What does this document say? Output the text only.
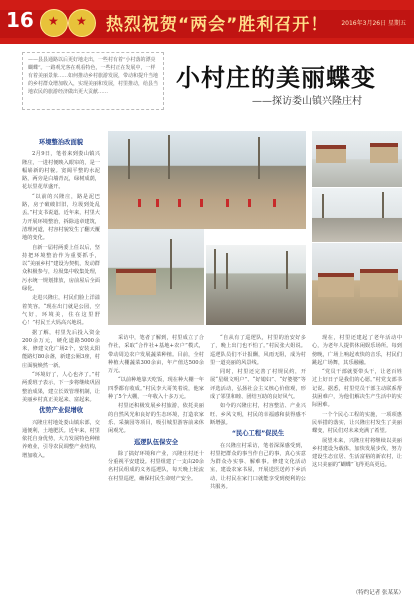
16 ★ ★	热烈祝贺“两会”胜利召开！ 2016年3月26日 星期五
——县县通路以后更好地走出，一些村有着“小村落的漂亮蝴蝶”。一路观光客在观看特色，一些村正在发展中，一样有着美丽景象……如何推动乡村旅游发展，带动和提升当地的乡村群众增加收入，实现美丽和发展，村里推动，给县当地农民的旅游经济做出更大贡献……	小村庄的美丽蝶变
——探访娄山镇兴隆庄村
环境整治改面貌

2月9日，笔者来到娄山镇兴隆庄，一进村便映入眼帘的，是一幅崭新的村貌。宽阔平整的水泥路，两旁是白墙青瓦，绿树成荫，花坛里花草盛开。

“以前的兴隆庄，路是泥巴路，房子破破旧旧，垃圾到处乱丢。”村支书说道。近年来，村里大力开展环境整治，拆除违章建筑，清理河道，村容村貌发生了翻天覆地的变化。

自新一届村两委上任以后，坚持把环境整治作为重要抓手，以“美丽乡村”建设为契机，发动群众积极参与，垃圾集中收集处理，污水统一规划排放，房前屋后全面绿化。

走进兴隆庄，村民们脸上洋溢着笑容。“现在出门就是公园，空气好，环境美，住在这里舒心！”村民王大妈高兴地说。

据了解，村里先后投入资金200余万元，硬化道路5000余米，修建文化广场2个，安装太阳能路灯80余盏，新建公厕3座，村庄面貌焕然一新。

“环境好了，人心也齐了。”村两委班子表示，下一步将继续巩固整治成果，建立长效管理机制，让美丽乡村真正美起来、富起来。

优势产业促增收

兴隆庄村地处娄山镇东部，交通便利，土地肥沃。近年来，村里依托自身优势，大力发展特色种植养殖业，引导农民调整产业结构，增加收入。

采访中，笔者了解到，村里成立了合作社，采取“合作社+基地+农户”模式，带动周边农户发展蔬菜种植。目前，全村种植大棚蔬菜300余亩，年产值达500余万元。

“以前种地靠天吃饭，现在种大棚一年四季都有收成。”村民李大哥笑着说，他家种了5个大棚，一年收入十多万元。

村里还积极发展乡村旅游，依托美丽的自然风光和良好的生态环境，打造农家乐、采摘园等项目，吸引城里游客前来休闲观光。

巡逻队伍保安全

除了搞好环境和产业，兴隆庄村还十分重视平安建设。村里组建了一支由20余名村民组成的义务巡逻队，每天晚上轮流在村里巡逻，确保村民生命财产安全。

“自从有了巡逻队，村里的治安好多了，晚上出门也不怕了。”村民张大姐说。巡逻队员们不计报酬，风雨无阻，成为村里一道亮丽的风景线。

同时，村里还完善了村规民约，开展“星级文明户”、“好媳妇”、“好婆婆”等评选活动，弘扬社会主义核心价值观，形成了邻里和睦、团结互助的良好风气。

如今的兴隆庄村，村容整洁、产业兴旺、乡风文明，村民的幸福感和获得感不断增强。

“民心工程”促民生

在兴隆庄村采访，笔者深深感受到，村里把群众的事当作自己的事，真心实意为群众办实事、解难事。修建文化活动室，建设农家书屋，开展送医送药下乡活动，让村民在家门口就能享受到便利的公共服务。

现在，村里还建起了老年活动中心，为老年人提供休闲娱乐场所。每到傍晚，广场上响起欢快的音乐，村民们跳起广场舞，其乐融融。

“党员干部就要带头干，让老百姓过上好日子是我们的心愿。”村党支部书记说。据悉，村里党员干部主动联系帮扶困难户，为他们解决生产生活中的实际困难。

一个个民心工程的实施，一项项惠民举措的落实，让兴隆庄村发生了美丽蝶变，村民们对未来充满了希望。

展望未来，兴隆庄村将继续以美丽乡村建设为载体，加快发展步伐，努力建设生态宜居、生活富裕的新农村，让这只美丽的“蝴蝶”飞得更高更远。

（特约记者 张某某）
